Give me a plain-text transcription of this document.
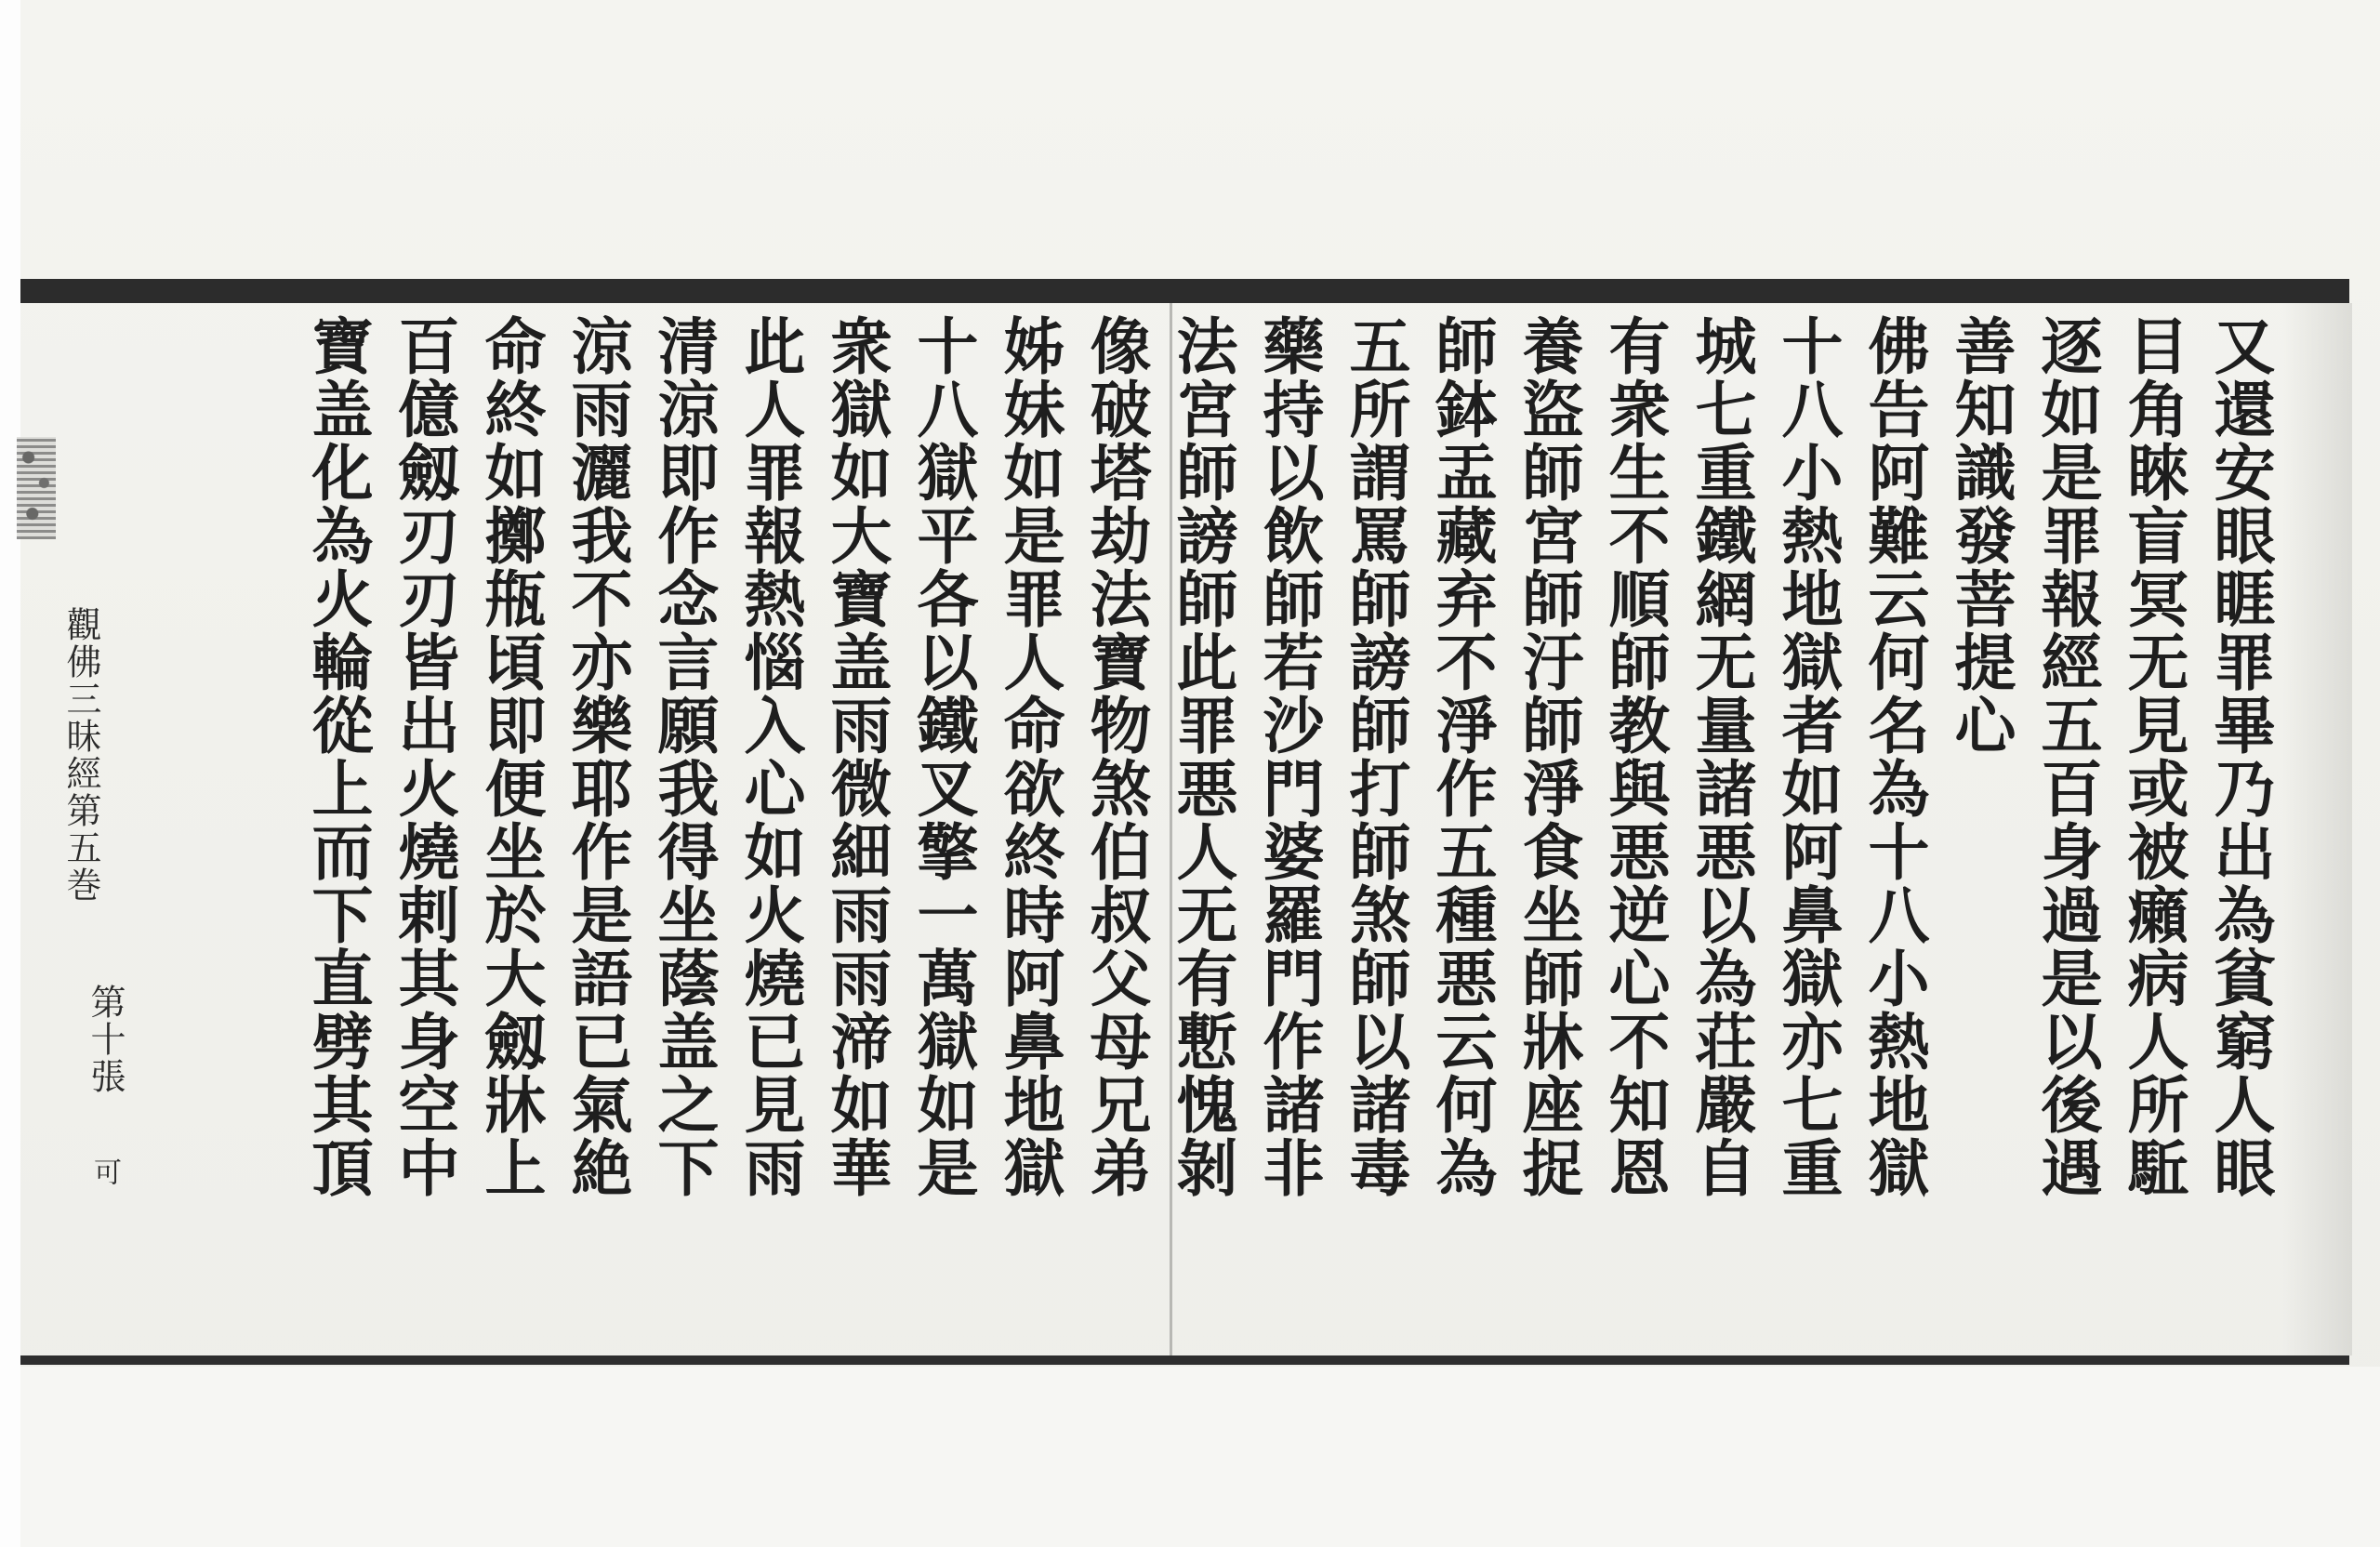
又還安眼睚罪畢乃出為貧窮人眼
目角睞盲冥无見或被癩病人所駈
逐如是罪報經五百身過是以後遇
善知識發菩提心
佛告阿難云何名為十八小熱地獄
十八小熱地獄者如阿鼻獄亦七重
城七重鐵網无量諸悪以為荘嚴自
有衆生不順師教與悪逆心不知恩
養盜師宮師汙師淨食坐師牀座捉
師鉢盂藏弃不淨作五種悪云何為
五所謂罵師謗師打師煞師以諸毒
藥持以飲師若沙門婆羅門作諸非
法宮師謗師此罪悪人无有慙愧剝
像破塔劫法寶物煞伯叔父母兄弟
姊妹如是罪人命欲終時阿鼻地獄
十八獄平各以鐵叉擎一萬獄如是
衆獄如大寶盖雨微細雨雨渧如華
此人罪報熱惱入心如火燒已見雨
清涼即作念言願我得坐蔭盖之下
涼雨灑我不亦樂耶作是語已氣絶
命終如擲甁頃即便坐於大劔牀上
百億劔刃刃皆出火燒剌其身空中
寶盖化為火輪從上而下直劈其頂
觀佛三昧經第五巻
第十張
可
